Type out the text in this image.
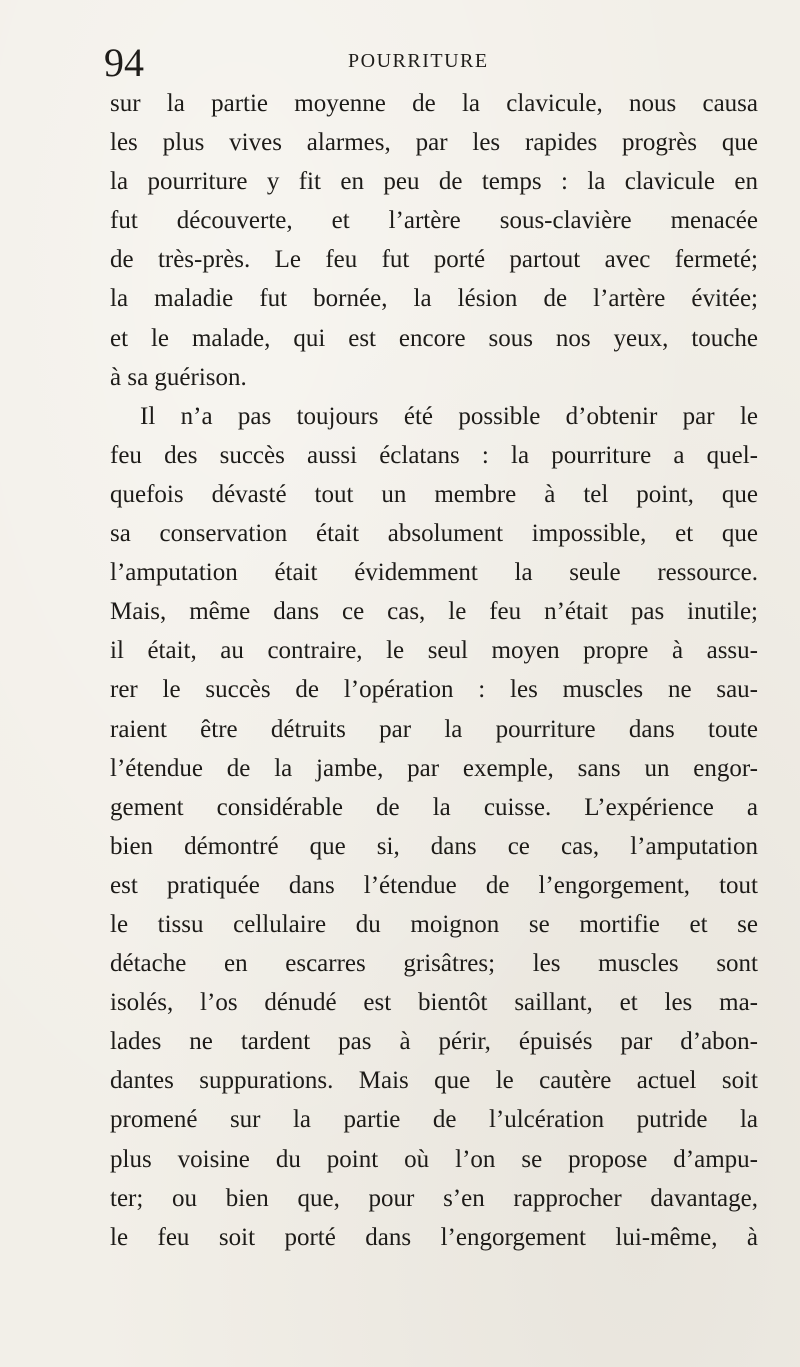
94	POURRITURE
sur la partie moyenne de la clavicule, nous causa
les plus vives alarmes, par les rapides progrès que
la pourriture y fit en peu de temps : la clavicule en
fut découverte, et l’artère sous-clavière menacée
de très-près. Le feu fut porté partout avec fermeté;
la maladie fut bornée, la lésion de l’artère évitée;
et le malade, qui est encore sous nos yeux, touche
à sa guérison.
Il n’a pas toujours été possible d’obtenir par le
feu des succès aussi éclatans : la pourriture a quel-
quefois dévasté tout un membre à tel point, que
sa conservation était absolument impossible, et que
l’amputation était évidemment la seule ressource.
Mais, même dans ce cas, le feu n’était pas inutile;
il était, au contraire, le seul moyen propre à assu-
rer le succès de l’opération : les muscles ne sau-
raient être détruits par la pourriture dans toute
l’étendue de la jambe, par exemple, sans un engor-
gement considérable de la cuisse. L’expérience a
bien démontré que si, dans ce cas, l’amputation
est pratiquée dans l’étendue de l’engorgement, tout
le tissu cellulaire du moignon se mortifie et se
détache en escarres grisâtres; les muscles sont
isolés, l’os dénudé est bientôt saillant, et les ma-
lades ne tardent pas à périr, épuisés par d’abon-
dantes suppurations. Mais que le cautère actuel soit
promené sur la partie de l’ulcération putride la
plus voisine du point où l’on se propose d’ampu-
ter; ou bien que, pour s’en rapprocher davantage,
le feu soit porté dans l’engorgement lui-même, à
